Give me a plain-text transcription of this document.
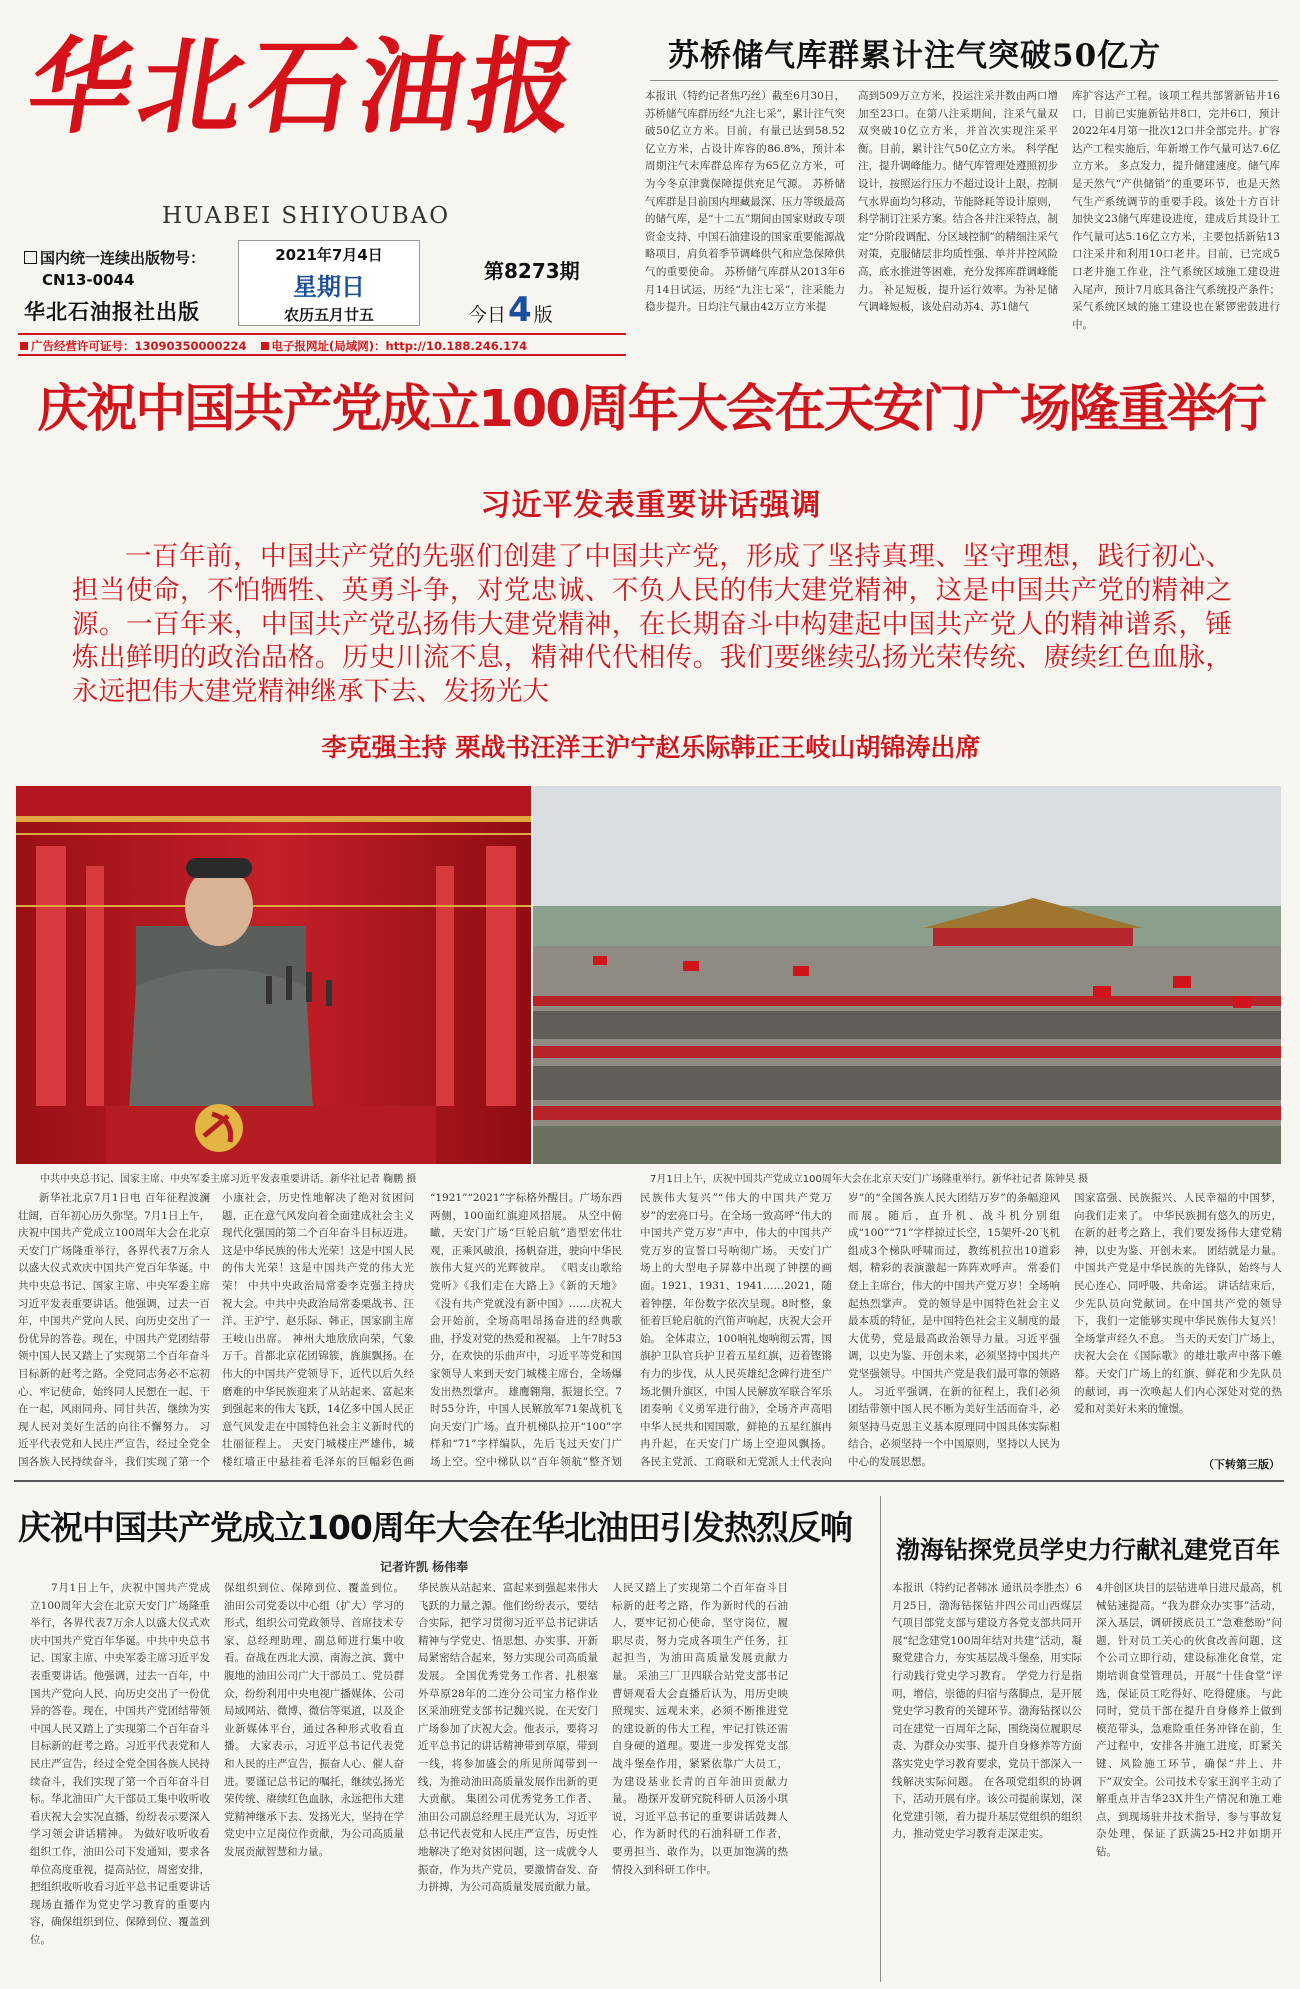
华北石油报
HUABEI SHIYOUBAO
国内统一连续出版物号：
CN13-0044
华北石油报社出版
2021年7月4日
星期日
农历五月廿五
第8273期
今日4 版
广告经营许可证号：13090350000224 电子报网址(局域网)：http://10.188.246.174
苏桥储气库群累计注气突破50亿方

本报讯（特约记者焦巧丝）截至6月30日，苏桥储气库群历经“九注七采”，累计注气突破50亿立方米。目前，有量已达到58.52亿立方米，占设计库容的86.8%，预计本周期注气末库群总库存为65亿立方米，可为今冬京津冀保障提供充足气源。 苏桥储气库群是目前国内埋藏最深、压力等级最高的储气库，是“十二五”期间由国家财政专项资金支持、中国石油建设的国家重要能源战略项目，肩负着季节调峰供气和应急保障供气的重要使命。 苏桥储气库群从2013年6月14日试运，历经“九注七采”，注采能力稳步提升。日均注气量由42万立方米提

高到509万立方米，投运注采井数由两口增加至23口。在第八注采期间，注采气量双双突破10亿立方米，并首次实现注采平衡。目前，累计注气50亿立方米。 科学配注，提升调峰能力。储气库管理处遵照初步设计，按照运行压力不超过设计上限，控制气水界面均匀移动，节能降耗等设计原则，科学制订注采方案。结合各井注采特点，制定“分阶段调配、分区域控制”的精细注采气对策，克服储层非均质性强、单井井控风险高，底水推进等困难，充分发挥库群调峰能力。 补足短板，提升运行效率。为补足储气调峰短板，该处启动苏4、苏1储气

库扩容达产工程。该项工程共部署新钻井16口，目前已实施新钻井8口，完井6口，预计2022年4月第一批次12口井全部完井。扩容达产工程实施后，年新增工作气量可达7.6亿立方米。 多点发力，提升储建速度。储气库是天然气“产供储销”的重要环节，也是天然气生产系统调节的重要手段。该处十方百计加快文23储气库建设进度，建成后其设计工作气量可达5.16亿立方米，主要包括新钻13口注采井和利用10口老井。目前，已完成5口老井施工作业，注气系统区域施工建设进入尾声，预计7月底具备注气系统投产条件；采气系统区域的施工建设也在紧锣密鼓进行中。

庆祝中国共产党成立100周年大会在天安门广场隆重举行
习近平发表重要讲话强调
一百年前，中国共产党的先驱们创建了中国共产党，形成了坚持真理、坚守理想，践行初心、担当使命，不怕牺牲、英勇斗争，对党忠诚、不负人民的伟大建党精神，这是中国共产党的精神之源。一百年来，中国共产党弘扬伟大建党精神，在长期奋斗中构建起中国共产党人的精神谱系，锤炼出鲜明的政治品格。历史川流不息，精神代代相传。我们要继续弘扬光荣传统、赓续红色血脉，永远把伟大建党精神继承下去、发扬光大
李克强主持 栗战书汪洋王沪宁赵乐际韩正王岐山胡锦涛出席
中共中央总书记、国家主席、中央军委主席习近平发表重要讲话。新华社记者 鞠鹏 摄	7月1日上午，庆祝中国共产党成立100周年大会在北京天安门广场隆重举行。新华社记者 陈钟昊 摄

新华社北京7月1日电 百年征程波澜壮阔，百年初心历久弥坚。7月1日上午，庆祝中国共产党成立100周年大会在北京天安门广场隆重举行，各界代表7万余人以盛大仪式欢庆中国共产党百年华诞。中共中央总书记、国家主席、中央军委主席习近平发表重要讲话。他强调，过去一百年，中国共产党向人民、向历史交出了一份优异的答卷。现在，中国共产党团结带领中国人民又踏上了实现第二个百年奋斗目标新的赶考之路。全党同志务必不忘初心、牢记使命，始终同人民想在一起、干在一起，风雨同舟、同甘共苦，继续为实现人民对美好生活的向往不懈努力。 习近平代表党和人民庄严宣告，经过全党全国各族人民持续奋斗，我们实现了第一个

小康社会，历史性地解决了绝对贫困问题，正在意气风发向着全面建成社会主义现代化强国的第二个百年奋斗目标迈进。这是中华民族的伟大光荣！这是中国人民的伟大光荣！这是中国共产党的伟大光荣！ 中共中央政治局常委李克强主持庆祝大会。中共中央政治局常委栗战书、汪洋、王沪宁、赵乐际、韩正，国家副主席王岐山出席。 神州大地欣欣向荣，气象万千。首都北京花团锦簇，旌旗飘扬。在伟大的中国共产党领导下，近代以后久经磨难的中华民族迎来了从站起来、富起来到强起来的伟大飞跃，14亿多中国人民正意气风发走在中国特色社会主义新时代的壮丽征程上。 天安门城楼庄严雄伟，城楼红墙正中悬挂着毛泽东的巨幅彩色画

“1921”“2021”字标格外醒目。广场东西两侧，100面红旗迎风招展。 从空中俯瞰，天安门广场“巨轮启航”造型宏伟壮观，正乘风破浪，扬帆奋进，驶向中华民族伟大复兴的光辉彼岸。 《唱支山歌给党听》《我们走在大路上》《新的天地》《没有共产党就没有新中国》……庆祝大会开始前，全场高唱昂扬奋进的经典歌曲，抒发对党的热爱和祝福。 上午7时53分，在欢快的乐曲声中，习近平等党和国家领导人来到天安门城楼主席台，全场爆发出热烈掌声。 雄鹰翱翔，振翅长空。7时55分许，中国人民解放军71架战机飞向天安门广场。直升机梯队拉开“100”字样和“71”字样编队，先后飞过天安门广场上空。空中梯队以“百年领航”整齐划

民族伟大复兴”“伟大的中国共产党万岁”的宏亮口号。在全场一致高呼“伟大的中国共产党万岁”声中，伟大的中国共产党万岁的宣誓口号响彻广场。 天安门广场上的大型电子屏幕中出现了钟摆的画面。1921、1931、1941……2021，随着钟摆，年份数字依次呈现。8时整，象征着巨轮启航的汽笛声响起，庆祝大会开始。 全体肃立，100响礼炮响彻云霄，国旗护卫队官兵护卫着五星红旗，迈着铿锵有力的步伐，从人民英雄纪念碑行进至广场北侧升旗区，中国人民解放军联合军乐团奏响《义勇军进行曲》，全场齐声高唱中华人民共和国国歌，鲜艳的五星红旗冉冉升起，在天安门广场上空迎风飘扬。 各民主党派、工商联和无党派人士代表向

岁”的“全国各族人民大团结万岁”的条幅迎风而展。随后，直升机、战斗机分别组成“100”“71”字样掠过长空，15架歼-20飞机组成3个梯队呼啸而过，教练机拉出10道彩烟，精彩的表演激起一阵阵欢呼声。 常委们登上主席台，伟大的中国共产党万岁！全场响起热烈掌声。 党的领导是中国特色社会主义最本质的特征，是中国特色社会主义制度的最大优势，党是最高政治领导力量。习近平强调，以史为鉴、开创未来，必须坚持中国共产党坚强领导。中国共产党是我们最可靠的领路人。 习近平强调，在新的征程上，我们必须团结带领中国人民不断为美好生活而奋斗，必须坚持马克思主义基本原理同中国具体实际相结合，必须坚持一个中国原则，坚持以人民为中心的发展思想。

国家富强、民族振兴、人民幸福的中国梦，向我们走来了。 中华民族拥有悠久的历史，在新的赶考之路上，我们要发扬伟大建党精神，以史为鉴、开创未来。 团结就是力量。中国共产党是中华民族的先锋队，始终与人民心连心、同呼吸、共命运。 讲话结束后，少先队员向党献词。在中国共产党的领导下，我们一定能够实现中华民族伟大复兴！全场掌声经久不息。 当天的天安门广场上，庆祝大会在《国际歌》的雄壮歌声中落下帷幕。天安门广场上的红旗、鲜花和少先队员的献词，再一次唤起人们内心深处对党的热爱和对美好未来的憧憬。

（下转第三版）
庆祝中国共产党成立100周年大会在华北油田引发热烈反响
记者许凯 杨伟奉

7月1日上午，庆祝中国共产党成立100周年大会在北京天安门广场隆重举行，各界代表7万余人以盛大仪式欢庆中国共产党百年华诞。中共中央总书记、国家主席、中央军委主席习近平发表重要讲话。他强调，过去一百年，中国共产党向人民、向历史交出了一份优异的答卷。现在，中国共产党团结带领中国人民又踏上了实现第二个百年奋斗目标新的赶考之路。习近平代表党和人民庄严宣告，经过全党全国各族人民持续奋斗，我们实现了第一个百年奋斗目标。华北油田广大干部员工集中收听收看庆祝大会实况直播，纷纷表示要深入学习领会讲话精神。 为做好收听收看组织工作，油田公司下发通知，要求各单位高度重视，提高站位，周密安排，把组织收听收看习近平总书记重要讲话现场直播作为党史学习教育的重要内容，确保组织到位、保障到位、覆盖到位。

保组织到位、保障到位、覆盖到位。 油田公司党委以中心组（扩大）学习的形式，组织公司党政领导、首席技术专家、总经理助理、副总师进行集中收看。奋战在西北大漠、南海之滨、冀中腹地的油田公司广大干部员工、党员群众，纷纷利用中央电视广播媒体、公司局域网站、微博、微信等渠道，以及企业新媒体平台，通过各种形式收看直播。 大家表示，习近平总书记代表党和人民的庄严宣告，振奋人心、催人奋进。要谨记总书记的嘱托，继续弘扬光荣传统、赓续红色血脉，永远把伟大建党精神继承下去、发扬光大，坚持在学党史中立足岗位作贡献，为公司高质量发展贡献智慧和力量。

华民族从站起来、富起来到强起来伟大飞跃的力量之源。他们纷纷表示，要结合实际，把学习贯彻习近平总书记讲话精神与学党史、悟思想、办实事、开新局紧密结合起来，努力实现公司高质量发展。 全国优秀党务工作者、扎根塞外草原28年的二连分公司宝力格作业区采油班党支部书记魏兴说，在天安门广场参加了庆祝大会。他表示，要将习近平总书记的讲话精神带到草原，带到一线，将参加盛会的所见所闻带到一线，为推动油田高质量发展作出新的更大贡献。 集团公司优秀党务工作者、油田公司副总经理王晨光认为，习近平总书记代表党和人民庄严宣告，历史性地解决了绝对贫困问题，这一成就令人振奋，作为共产党员，要激情奋发、奋力拼搏，为公司高质量发展贡献力量。

人民又踏上了实现第二个百年奋斗目标新的赶考之路，作为新时代的石油人，要牢记初心使命，坚守岗位，履职尽责，努力完成各项生产任务，扛起担当，为油田高质量发展贡献力量。 采油三厂卫四联合站党支部书记曹妍观看大会直播后认为，用历史映照现实、远观未来，必须不断推进党的建设新的伟大工程，牢记打铁还需自身硬的道理。要进一步发挥党支部战斗堡垒作用，紧紧依靠广大员工，为建设基业长青的百年油田贡献力量。 勘探开发研究院科研人员汤小琪说，习近平总书记的重要讲话鼓舞人心，作为新时代的石油科研工作者，要勇担当、敢作为，以更加饱满的热情投入到科研工作中。

渤海钻探党员学史力行献礼建党百年

本报讯（特约记者韩冰 通讯员李胜杰）6月25日，渤海钻探钻井四公司山西煤层气项目部党支部与建设方各党支部共同开展“纪念建党100周年结对共建”活动，凝聚党建合力，夯实基层战斗堡垒，用实际行动践行党史学习教育。 学党力行是指明，增信，崇德的归宿与落脚点，是开展党史学习教育的关键环节。渤海钻探以公司在建党一百周年之际，围绕岗位履职尽责、为群众办实事、提升自身修养等方面落实党史学习教育要求，党员干部深入一线解决实际问题。 在各项党组织的协调下，活动开展有序。该公司提前谋划，深化党建引领，着力提升基层党组织的组织力，推动党史学习教育走深走实。

4井创区块目的层钻进单日进尺最高，机械钻速提高。“我为群众办实事”活动，深入基层，调研摸底员工“急难愁盼”问题，针对员工关心的伙食改善问题，这个公司立即行动，建设标准化食堂，定期培训食堂管理员，开展“十佳食堂”评选，保证员工吃得好、吃得健康。 与此同时，党员干部在提升自身修养上做到模范带头，急难险重任务冲锋在前，生产过程中，安排各井施工进度，盯紧关键、风险施工环节，确保“井上、井下”双安全。公司技术专家王润平主动了解重点井吉华23X井生产情况和施工难点，到现场驻井技术指导，参与事故复杂处理，保证了跃满25-H2井如期开钻。
